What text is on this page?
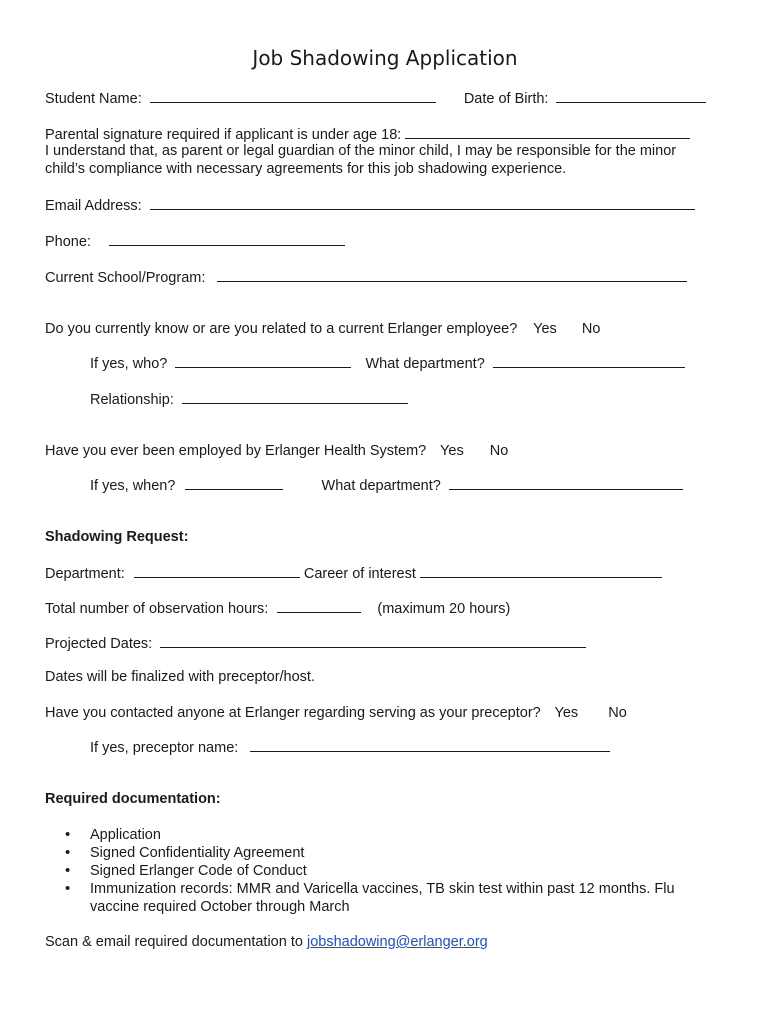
Job Shadowing Application
Student Name:	Date of Birth:
Parental signature required if applicant is under age 18:
I understand that, as parent or legal guardian of the minor child, I may be responsible for the minor child’s compliance with necessary agreements for this job shadowing experience.
Email Address:
Phone:
Current School/Program:
Do you currently know or are you related to a current Erlanger employee? Yes No
If yes, who?	What department?
Relationship:
Have you ever been employed by Erlanger Health System? Yes No
If yes, when?	What department?
Shadowing Request:
Department:	Career of interest
Total number of observation hours:	(maximum 20 hours)
Projected Dates:
Dates will be finalized with preceptor/host.
Have you contacted anyone at Erlanger regarding serving as your preceptor? Yes No
If yes, preceptor name:
Required documentation:
• Application
• Signed Confidentiality Agreement
• Signed Erlanger Code of Conduct
• Immunization records: MMR and Varicella vaccines, TB skin test within past 12 months. Flu vaccine required October through March
Scan & email required documentation to jobshadowing@erlanger.org
